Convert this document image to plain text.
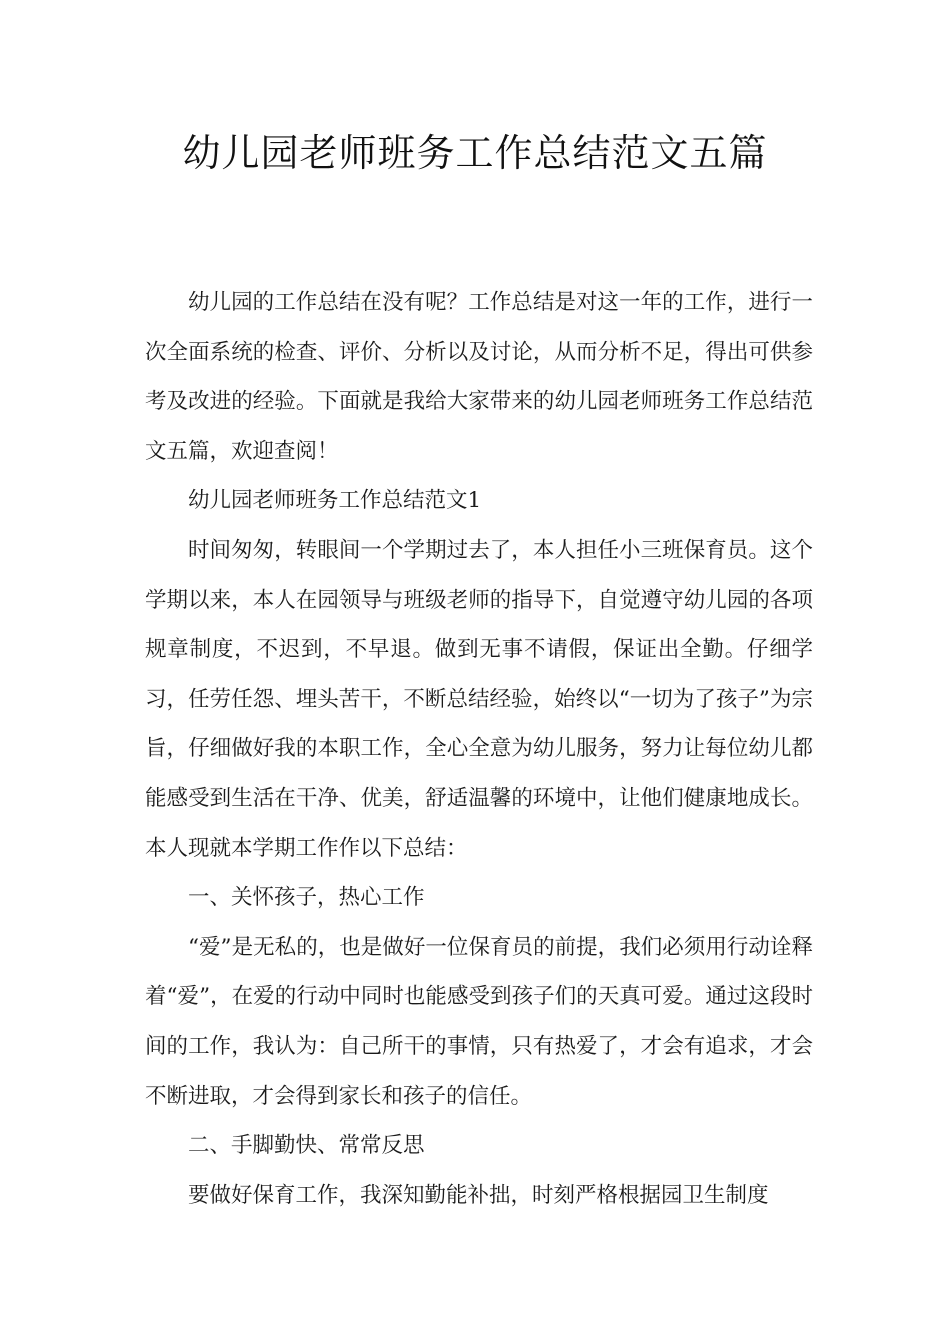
幼儿园老师班务工作总结范文五篇

幼儿园的工作总结在没有呢？工作总结是对这一年的工作，进行一次全面系统的检查、评价、分析以及讨论，从而分析不足，得出可供参考及改进的经验。下面就是我给大家带来的幼儿园老师班务工作总结范文五篇，欢迎查阅！

幼儿园老师班务工作总结范文1

时间匆匆，转眼间一个学期过去了，本人担任小三班保育员。这个学期以来，本人在园领导与班级老师的指导下，自觉遵守幼儿园的各项规章制度，不迟到，不早退。做到无事不请假，保证出全勤。仔细学习，任劳任怨、埋头苦干，不断总结经验，始终以“一切为了孩子”为宗旨，仔细做好我的本职工作，全心全意为幼儿服务，努力让每位幼儿都能感受到生活在干净、优美，舒适温馨的环境中，让他们健康地成长。本人现就本学期工作作以下总结：

一、关怀孩子，热心工作

“爱”是无私的，也是做好一位保育员的前提，我们必须用行动诠释着“爱”，在爱的行动中同时也能感受到孩子们的天真可爱。通过这段时间的工作，我认为：自己所干的事情，只有热爱了，才会有追求，才会不断进取，才会得到家长和孩子的信任。

二、手脚勤快、常常反思

要做好保育工作，我深知勤能补拙，时刻严格根据园卫生制度
